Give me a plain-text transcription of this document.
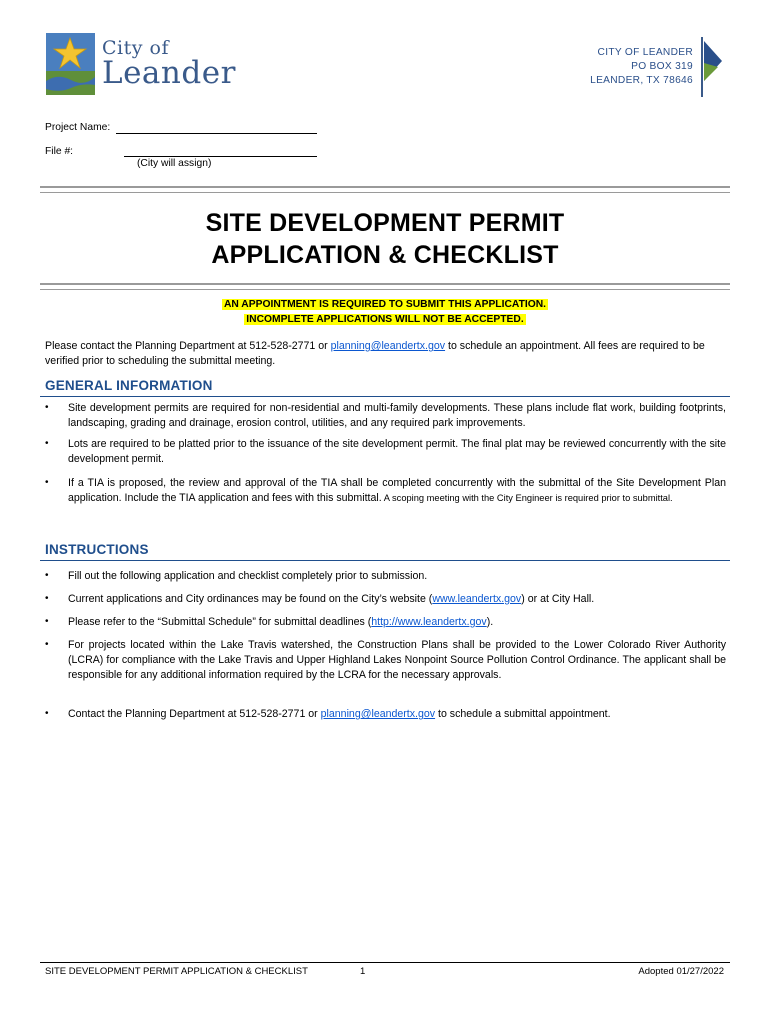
City of
Leander
CITY OF LEANDER
PO BOX 319
LEANDER, TX 78646
Project Name:
File #:
(City will assign)
SITE DEVELOPMENT PERMIT
APPLICATION & CHECKLIST
AN APPOINTMENT IS REQUIRED TO SUBMIT THIS APPLICATION.
INCOMPLETE APPLICATIONS WILL NOT BE ACCEPTED.
Please contact the Planning Department at 512-528-2771 or planning@leandertx.gov to schedule an appointment. All fees are required to be verified prior to scheduling the submittal meeting.
GENERAL INFORMATION
• Site development permits are required for non-residential and multi-family developments. These plans include flat work, building footprints, landscaping, grading and drainage, erosion control, utilities, and any required park improvements.
• Lots are required to be platted prior to the issuance of the site development permit. The final plat may be reviewed concurrently with the site development permit.
• If a TIA is proposed, the review and approval of the TIA shall be completed concurrently with the submittal of the Site Development Plan application. Include the TIA application and fees with this submittal. A scoping meeting with the City Engineer is required prior to submittal.
INSTRUCTIONS
• Fill out the following application and checklist completely prior to submission.
• Current applications and City ordinances may be found on the City’s website (www.leandertx.gov) or at City Hall.
• Please refer to the “Submittal Schedule” for submittal deadlines (http://www.leandertx.gov).
• For projects located within the Lake Travis watershed, the Construction Plans shall be provided to the Lower Colorado River Authority (LCRA) for compliance with the Lake Travis and Upper Highland Lakes Nonpoint Source Pollution Control Ordinance. The applicant shall be responsible for any additional information required by the LCRA for the necessary approvals.
• Contact the Planning Department at 512-528-2771 or planning@leandertx.gov to schedule a submittal appointment.
SITE DEVELOPMENT PERMIT APPLICATION & CHECKLIST	1	Adopted 01/27/2022
